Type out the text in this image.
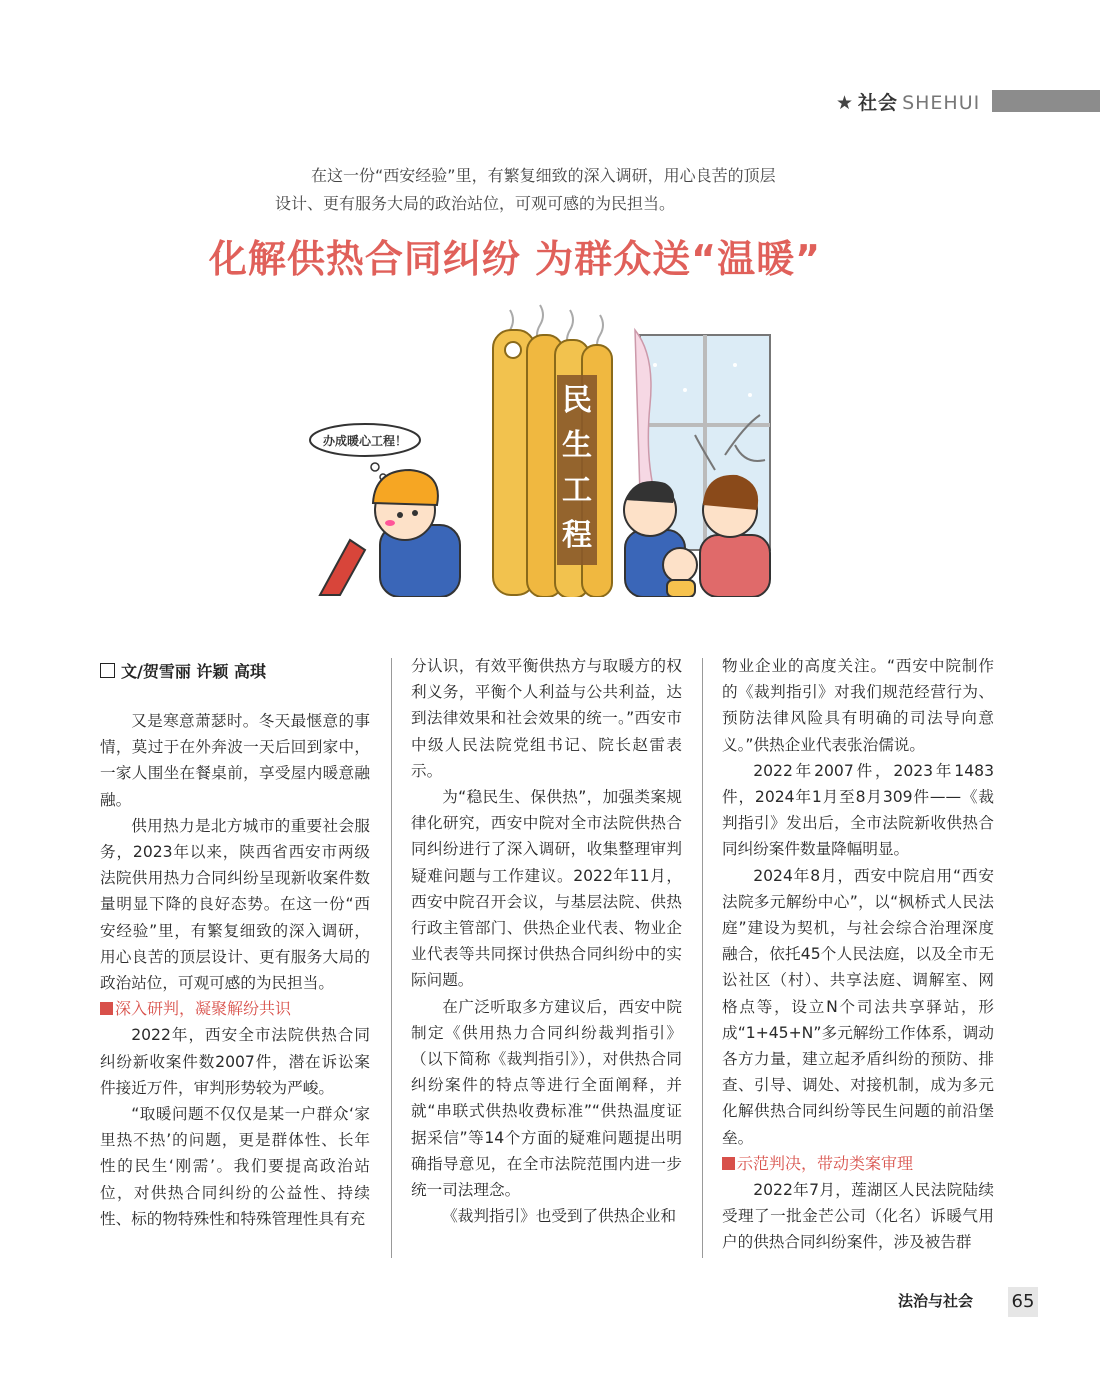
★ 社会 SHEHUI

在这一份“西安经验”里，有繁复细致的深入调研，用心良苦的顶层

设计、更有服务大局的政治站位，可观可感的为民担当。

化解供热合同纠纷 为群众送“温暖”
民
生
工
程
办成暖心工程！
文/贺雪丽 许颖 高琪

又是寒意萧瑟时。冬天最惬意的事情，莫过于在外奔波一天后回到家中，一家人围坐在餐桌前，享受屋内暖意融融。

供用热力是北方城市的重要社会服务，2023年以来，陕西省西安市两级法院供用热力合同纠纷呈现新收案件数量明显下降的良好态势。在这一份“西安经验”里，有繁复细致的深入调研，用心良苦的顶层设计、更有服务大局的政治站位，可观可感的为民担当。

深入研判，凝聚解纷共识

2022年，西安全市法院供热合同纠纷新收案件数2007件，潜在诉讼案件接近万件，审判形势较为严峻。

“取暖问题不仅仅是某一户群众‘家里热不热’的问题，更是群体性、长年性的民生‘刚需’。我们要提高政治站位，对供热合同纠纷的公益性、持续性、标的物特殊性和特殊管理性具有充

分认识，有效平衡供热方与取暖方的权利义务，平衡个人利益与公共利益，达到法律效果和社会效果的统一。”西安市中级人民法院党组书记、院长赵雷表示。

为“稳民生、保供热”，加强类案规律化研究，西安中院对全市法院供热合同纠纷进行了深入调研，收集整理审判疑难问题与工作建议。2022年11月，西安中院召开会议，与基层法院、供热行政主管部门、供热企业代表、物业企业代表等共同探讨供热合同纠纷中的实际问题。

在广泛听取多方建议后，西安中院制定《供用热力合同纠纷裁判指引》（以下简称《裁判指引》），对供热合同纠纷案件的特点等进行全面阐释，并就“串联式供热收费标准”“供热温度证据采信”等14个方面的疑难问题提出明确指导意见，在全市法院范围内进一步统一司法理念。

《裁判指引》也受到了供热企业和

物业企业的高度关注。“西安中院制作的《裁判指引》对我们规范经营行为、预防法律风险具有明确的司法导向意义。”供热企业代表张治儒说。

2022年2007件，2023年1483件，2024年1月至8月309件——《裁判指引》发出后，全市法院新收供热合同纠纷案件数量降幅明显。

2024年8月，西安中院启用“西安法院多元解纷中心”，以“枫桥式人民法庭”建设为契机，与社会综合治理深度融合，依托45个人民法庭，以及全市无讼社区（村）、共享法庭、调解室、网格点等，设立N个司法共享驿站，形成“1+45+N”多元解纷工作体系，调动各方力量，建立起矛盾纠纷的预防、排查、引导、调处、对接机制，成为多元化解供热合同纠纷等民生问题的前沿堡垒。

示范判决，带动类案审理

2022年7月，莲湖区人民法院陆续受理了一批金芒公司（化名）诉暖气用户的供热合同纠纷案件，涉及被告群

法治与社会 65
